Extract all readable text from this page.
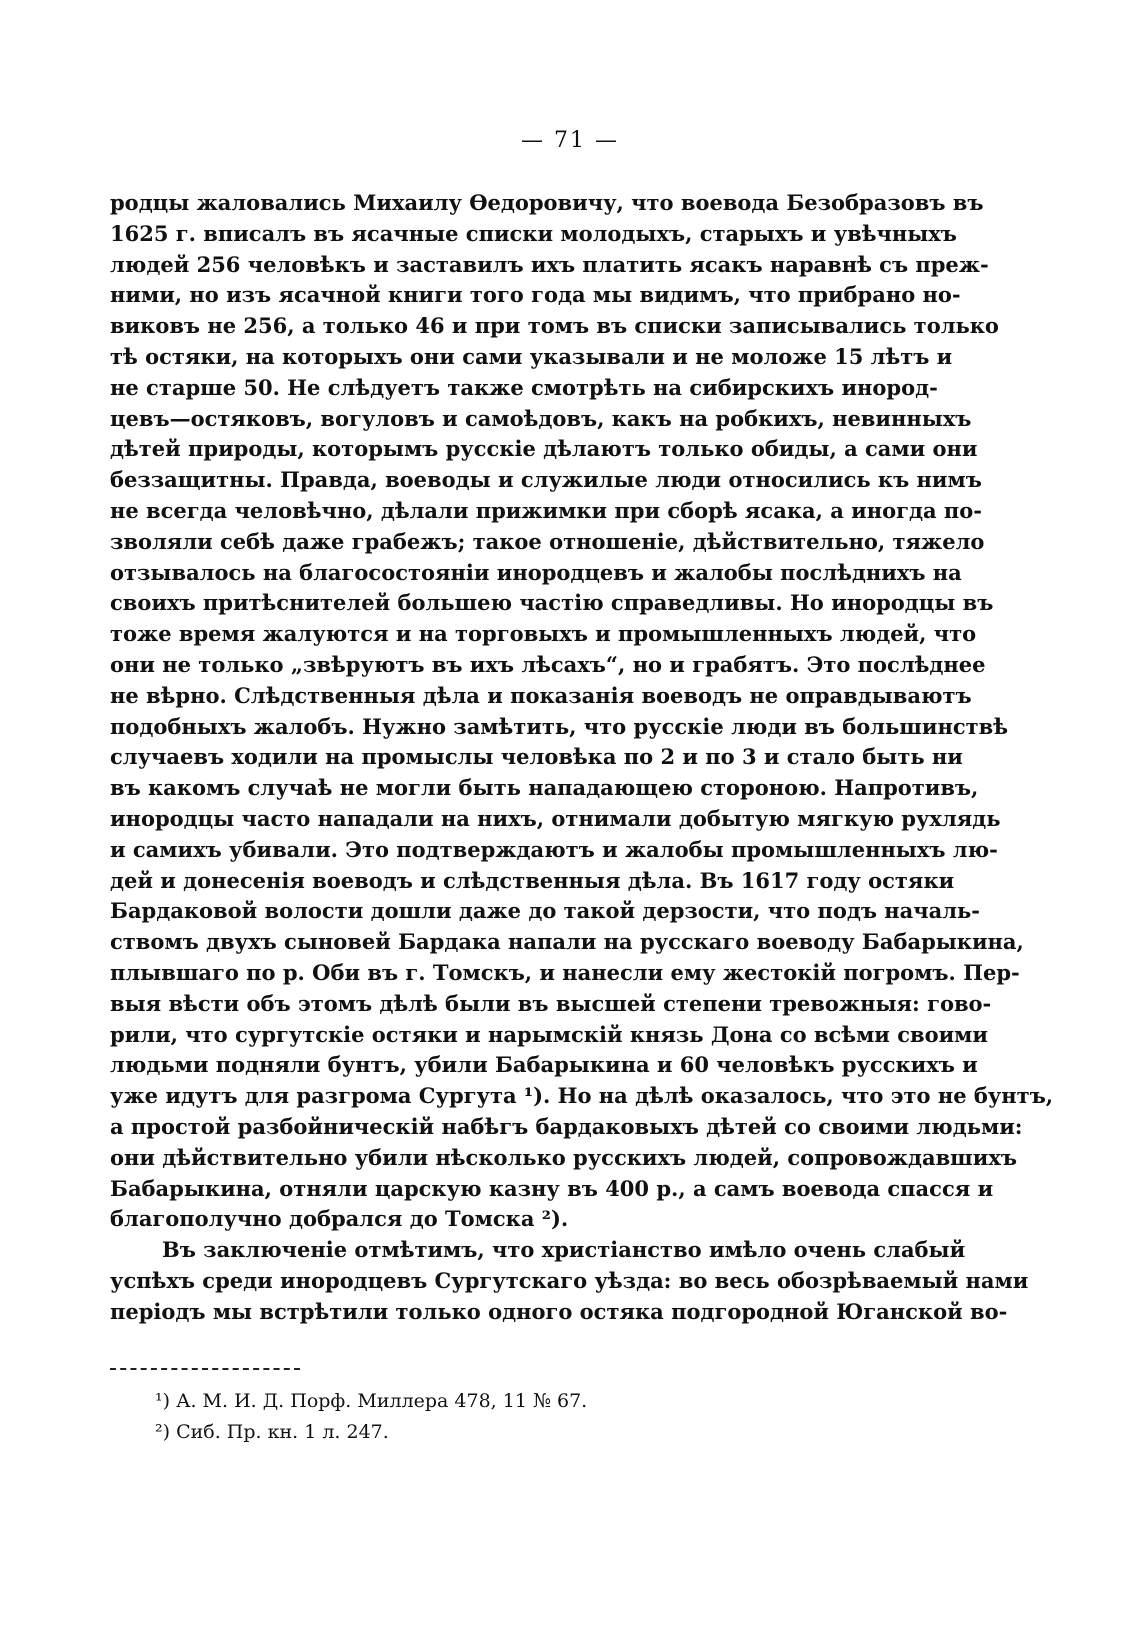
— 71 —
родцы жаловались Михаилу Ѳедоровичу, что воевода Безобразовъ въ
1625 г. вписалъ въ ясачные списки молодыхъ, старыхъ и увѣчныхъ
людей 256 человѣкъ и заставилъ ихъ платить ясакъ наравнѣ съ преж-
ними, но изъ ясачной книги того года мы видимъ, что прибрано но-
виковъ не 256, а только 46 и при томъ въ списки записывались только
тѣ остяки, на которыхъ они сами указывали и не моложе 15 лѣтъ и
не старше 50. Не слѣдуетъ также смотрѣть на сибирскихъ инород-
цевъ—остяковъ, вогуловъ и самоѣдовъ, какъ на робкихъ, невинныхъ
дѣтей природы, которымъ русскіе дѣлаютъ только обиды, а сами они
беззащитны. Правда, воеводы и служилые люди относились къ нимъ
не всегда человѣчно, дѣлали прижимки при сборѣ ясака, а иногда по-
зволяли себѣ даже грабежъ; такое отношеніе, дѣйствительно, тяжело
отзывалось на благосостояніи инородцевъ и жалобы послѣднихъ на
своихъ притѣснителей большею частію справедливы. Но инородцы въ
тоже время жалуются и на торговыхъ и промышленныхъ людей, что
они не только „звѣруютъ въ ихъ лѣсахъ“, но и грабятъ. Это послѣднее
не вѣрно. Слѣдственныя дѣла и показанія воеводъ не оправдываютъ
подобныхъ жалобъ. Нужно замѣтить, что русскіе люди въ большинствѣ
случаевъ ходили на промыслы человѣка по 2 и по 3 и стало быть ни
въ какомъ случаѣ не могли быть нападающею стороною. Напротивъ,
инородцы часто нападали на нихъ, отнимали добытую мягкую рухлядь
и самихъ убивали. Это подтверждаютъ и жалобы промышленныхъ лю-
дей и донесенія воеводъ и слѣдственныя дѣла. Въ 1617 году остяки
Бардаковой волости дошли даже до такой дерзости, что подъ началь-
ствомъ двухъ сыновей Бардака напали на русскаго воеводу Бабарыкина,
плывшаго по р. Оби въ г. Томскъ, и нанесли ему жестокій погромъ. Пер-
выя вѣсти объ этомъ дѣлѣ были въ высшей степени тревожныя: гово-
рили, что сургутскіе остяки и нарымскій князь Дона со всѣми своими
людьми подняли бунтъ, убили Бабарыкина и 60 человѣкъ русскихъ и
уже идутъ для разгрома Сургута ¹). Но на дѣлѣ оказалось, что это не бунтъ,
а простой разбойническій набѣгъ бардаковыхъ дѣтей со своими людьми:
они дѣйствительно убили нѣсколько русскихъ людей, сопровождавшихъ
Бабарыкина, отняли царскую казну въ 400 р., а самъ воевода спасся и
благополучно добрался до Томска ²).
Въ заключеніе отмѣтимъ, что христіанство имѣло очень слабый
успѣхъ среди инородцевъ Сургутскаго уѣзда: во весь обозрѣваемый нами
періодъ мы встрѣтили только одного остяка подгородной Юганской во-
¹) А. М. И. Д. Порф. Миллера 478, 11 № 67.
²) Сиб. Пр. кн. 1 л. 247.
